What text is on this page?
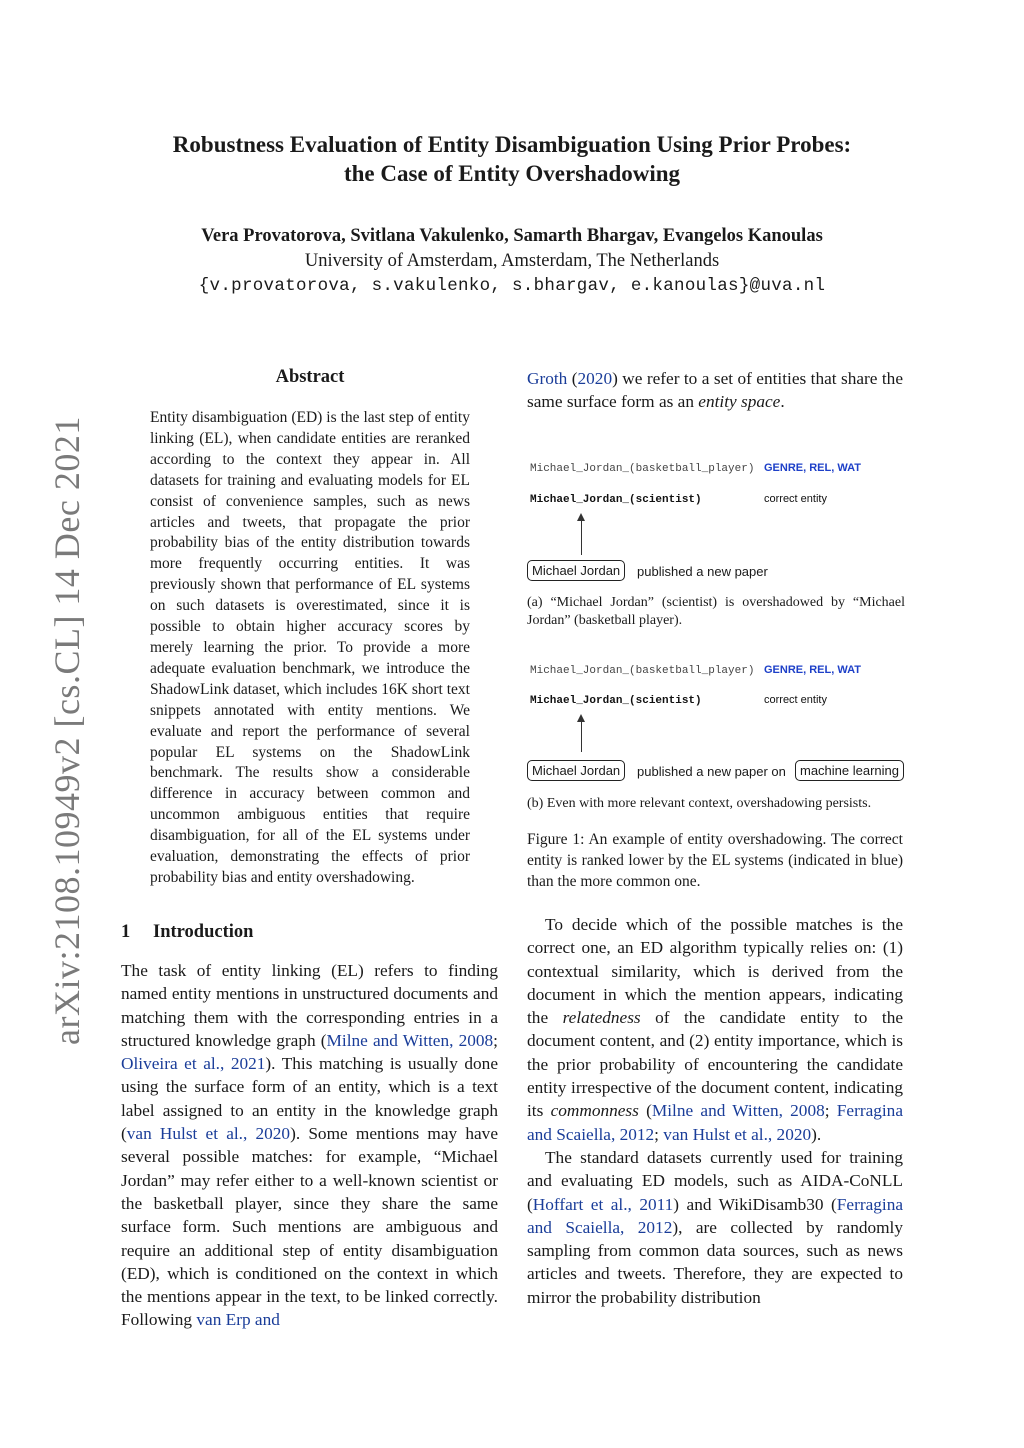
arXiv:2108.10949v2 [cs.CL] 14 Dec 2021
Robustness Evaluation of Entity Disambiguation Using Prior Probes:
the Case of Entity Overshadowing
Vera Provatorova, Svitlana Vakulenko, Samarth Bhargav, Evangelos Kanoulas
University of Amsterdam, Amsterdam, The Netherlands
{v.provatorova, s.vakulenko, s.bhargav, e.kanoulas}@uva.nl
Abstract
Entity disambiguation (ED) is the last step of entity linking (EL), when candidate entities are reranked according to the context they appear in. All datasets for training and evaluating models for EL consist of convenience samples, such as news articles and tweets, that propagate the prior probability bias of the entity distribution towards more frequently occurring entities. It was previously shown that performance of EL systems on such datasets is overestimated, since it is possible to obtain higher accuracy scores by merely learning the prior. To provide a more adequate evaluation benchmark, we introduce the ShadowLink dataset, which includes 16K short text snippets annotated with entity mentions. We evaluate and report the performance of several popular EL systems on the ShadowLink benchmark. The results show a considerable difference in accuracy between common and uncommon ambiguous entities that require disambiguation, for all of the EL systems under evaluation, demonstrating the effects of prior probability bias and entity overshadowing.
1 Introduction
The task of entity linking (EL) refers to finding named entity mentions in unstructured documents and matching them with the corresponding entries in a structured knowledge graph (Milne and Witten, 2008; Oliveira et al., 2021). This matching is usually done using the surface form of an entity, which is a text label assigned to an entity in the knowledge graph (van Hulst et al., 2020). Some mentions may have several possible matches: for example, “Michael Jordan” may refer either to a well-known scientist or the basketball player, since they share the same surface form. Such mentions are ambiguous and require an additional step of entity disambiguation (ED), which is conditioned on the context in which the mentions appear in the text, to be linked correctly. Following van Erp and
Groth (2020) we refer to a set of entities that share the same surface form as an entity space.
Michael_Jordan_(basketball_player) GENRE, REL, WAT
Michael_Jordan_(scientist)	correct entity
Michael Jordan	published a new paper
(a) “Michael Jordan” (scientist) is overshadowed by “Michael Jordan” (basketball player).
Michael_Jordan_(basketball_player) GENRE, REL, WAT
Michael_Jordan_(scientist)	correct entity
Michael Jordan	published a new paper on	machine learning
(b) Even with more relevant context, overshadowing persists.
Figure 1: An example of entity overshadowing. The correct entity is ranked lower by the EL systems (indicated in blue) than the more common one.

To decide which of the possible matches is the correct one, an ED algorithm typically relies on: (1) contextual similarity, which is derived from the document in which the mention appears, indicating the relatedness of the candidate entity to the document content, and (2) entity importance, which is the prior probability of encountering the candidate entity irrespective of the document content, indicating its commonness (Milne and Witten, 2008; Ferragina and Scaiella, 2012; van Hulst et al., 2020).

The standard datasets currently used for training and evaluating ED models, such as AIDA-CoNLL (Hoffart et al., 2011) and WikiDisamb30 (Ferragina and Scaiella, 2012), are collected by randomly sampling from common data sources, such as news articles and tweets. Therefore, they are expected to mirror the probability distribution
